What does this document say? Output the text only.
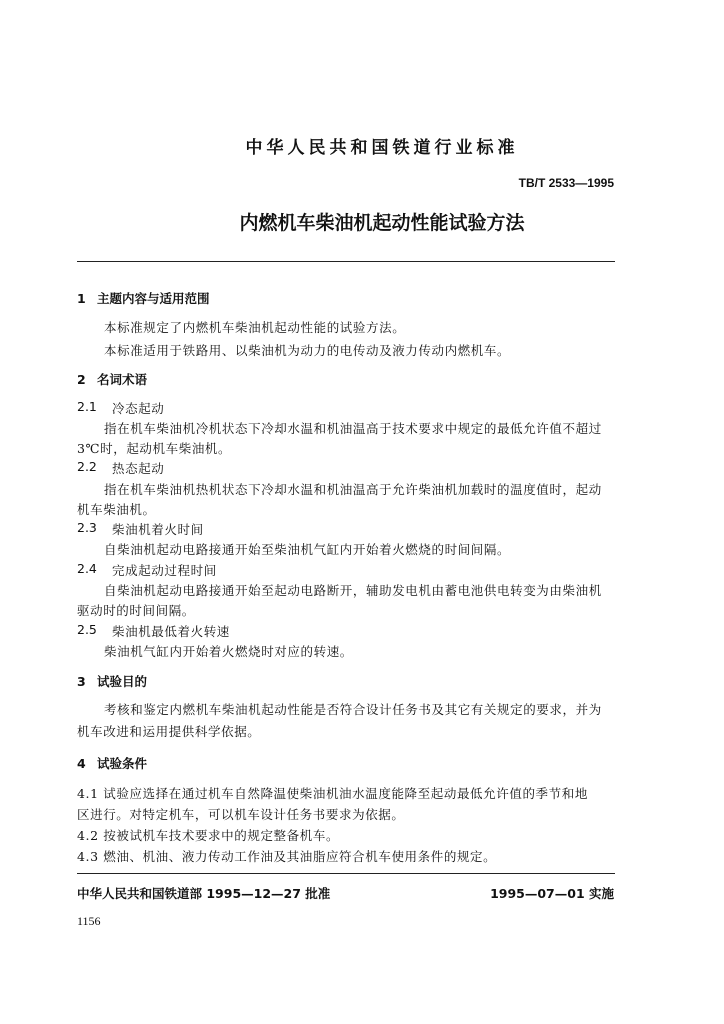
中华人民共和国铁道行业标准
TB/T 2533—1995
内燃机车柴油机起动性能试验方法
1 主题内容与适用范围
本标准规定了内燃机车柴油机起动性能的试验方法。
本标准适用于铁路用、以柴油机为动力的电传动及液力传动内燃机车。
2 名词术语
2.1 冷态起动
指在机车柴油机冷机状态下冷却水温和机油温高于技术要求中规定的最低允许值不超过
3℃时，起动机车柴油机。
2.2 热态起动
指在机车柴油机热机状态下冷却水温和机油温高于允许柴油机加载时的温度值时，起动
机车柴油机。
2.3 柴油机着火时间
自柴油机起动电路接通开始至柴油机气缸内开始着火燃烧的时间间隔。
2.4 完成起动过程时间
自柴油机起动电路接通开始至起动电路断开，辅助发电机由蓄电池供电转变为由柴油机
驱动时的时间间隔。
2.5 柴油机最低着火转速
柴油机气缸内开始着火燃烧时对应的转速。
3 试验目的
考核和鉴定内燃机车柴油机起动性能是否符合设计任务书及其它有关规定的要求，并为
机车改进和运用提供科学依据。
4 试验条件
4.1 试验应选择在通过机车自然降温使柴油机油水温度能降至起动最低允许值的季节和地
区进行。对特定机车，可以机车设计任务书要求为依据。
4.2 按被试机车技术要求中的规定整备机车。
4.3 燃油、机油、液力传动工作油及其油脂应符合机车使用条件的规定。
中华人民共和国铁道部 1995—12—27 批准	1995—07—01 实施
1156
